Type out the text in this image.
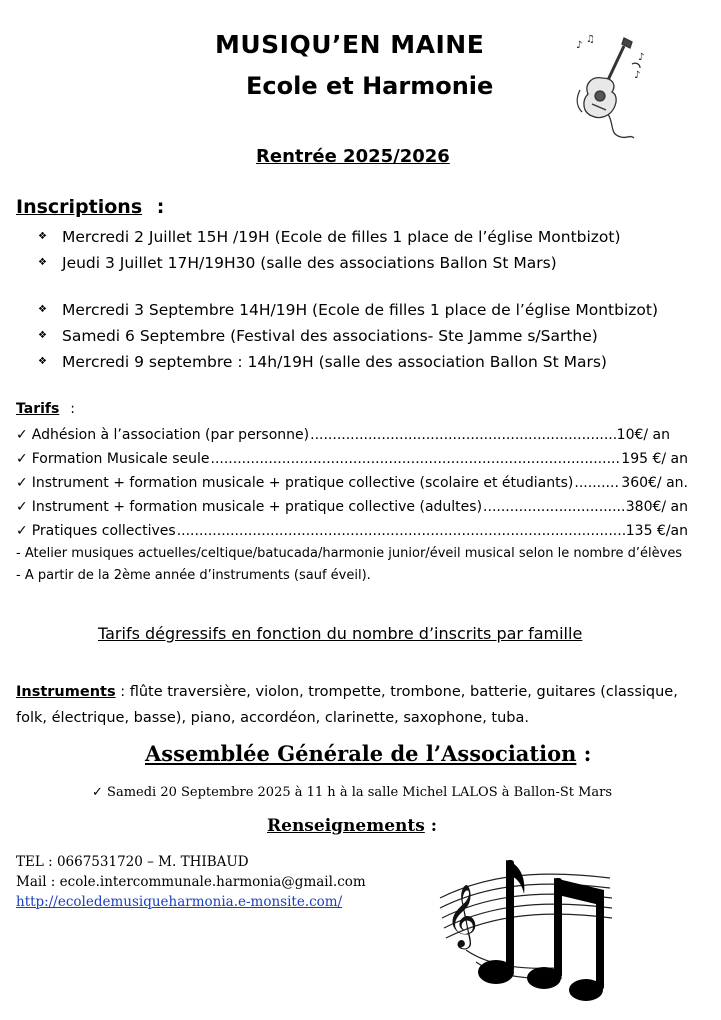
MUSIQU’EN MAINE
Ecole et Harmonie
♪
♫
♪
♪
Rentrée 2025/2026
Inscriptions :
❖ Mercredi 2 Juillet 15H /19H (Ecole de filles 1 place de l’église Montbizot)
❖ Jeudi 3 Juillet 17H/19H30 (salle des associations Ballon St Mars)
❖ Mercredi 3 Septembre 14H/19H (Ecole de filles 1 place de l’église Montbizot)
❖ Samedi 6 Septembre (Festival des associations- Ste Jamme s/Sarthe)
❖ Mercredi 9 septembre : 14h/19H (salle des association Ballon St Mars)
Tarifs :
✓ Adhésion à l’association (par personne) .....	10€/ an
✓ Formation Musicale seule .....	195 €/ an
✓ Instrument + formation musicale + pratique collective (scolaire et étudiants) .....	360€/ an.
✓ Instrument + formation musicale + pratique collective (adultes) .....	380€/ an
✓ Pratiques collectives .....	135 €/an
- Atelier musiques actuelles/celtique/batucada/harmonie junior/éveil musical selon le nombre d’élèves
- A partir de la 2ème année d’instruments (sauf éveil).
Tarifs dégressifs en fonction du nombre d’inscrits par famille
Instruments : flûte traversière, violon, trompette, trombone, batterie, guitares (classique, folk, électrique, basse), piano, accordéon, clarinette, saxophone, tuba.
Assemblée Générale de l’Association :
✓ Samedi 20 Septembre 2025 à 11 h à la salle Michel LALOS à Ballon-St Mars
Renseignements :
TEL : 0667531720 – M. THIBAUD
Mail : ecole.intercommunale.harmonia@gmail.com
http://ecoledemusiqueharmonia.e-monsite.com/	𝄞
